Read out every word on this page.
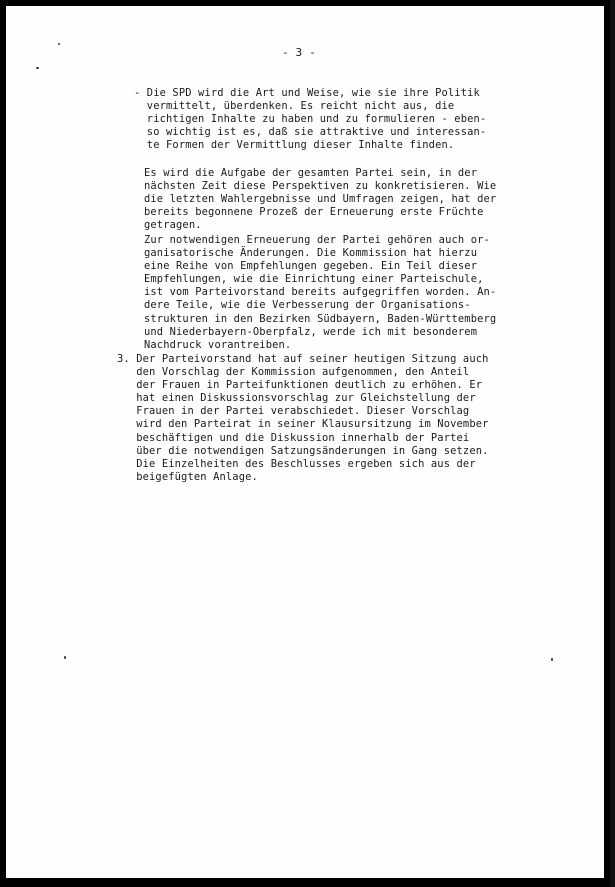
- 3 -

- Die SPD wird die Art und Weise, wie sie ihre Politik
vermittelt, überdenken. Es reicht nicht aus, die
richtigen Inhalte zu haben und zu formulieren - eben-
so wichtig ist es, daß sie attraktive und interessan-
te Formen der Vermittlung dieser Inhalte finden.

Es wird die Aufgabe der gesamten Partei sein, in der
nächsten Zeit diese Perspektiven zu konkretisieren. Wie
die letzten Wahlergebnisse und Umfragen zeigen, hat der
bereits begonnene Prozeß der Erneuerung erste Früchte
getragen.

Zur notwendigen Erneuerung der Partei gehören auch or-
ganisatorische Änderungen. Die Kommission hat hierzu
eine Reihe von Empfehlungen gegeben. Ein Teil dieser
Empfehlungen, wie die Einrichtung einer Parteischule,
ist vom Parteivorstand bereits aufgegriffen worden. An-
dere Teile, wie die Verbesserung der Organisations-
strukturen in den Bezirken Südbayern, Baden-Württemberg
und Niederbayern-Oberpfalz, werde ich mit besonderem
Nachdruck vorantreiben.

3. Der Parteivorstand hat auf seiner heutigen Sitzung auch
den Vorschlag der Kommission aufgenommen, den Anteil
der Frauen in Parteifunktionen deutlich zu erhöhen. Er
hat einen Diskussionsvorschlag zur Gleichstellung der
Frauen in der Partei verabschiedet. Dieser Vorschlag
wird den Parteirat in seiner Klausursitzung im November
beschäftigen und die Diskussion innerhalb der Partei
über die notwendigen Satzungsänderungen in Gang setzen.
Die Einzelheiten des Beschlusses ergeben sich aus der
beigefügten Anlage.
